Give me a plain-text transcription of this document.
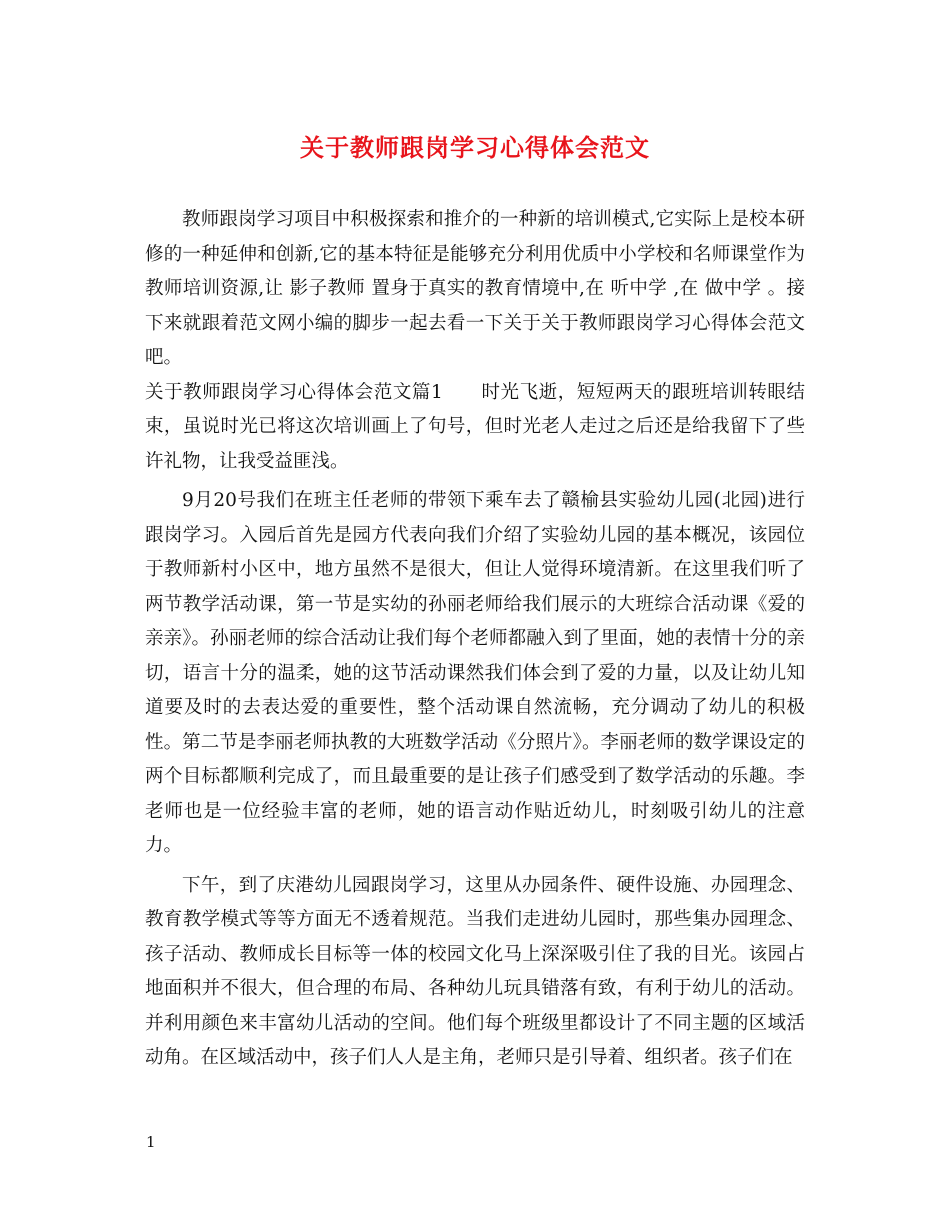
关于教师跟岗学习心得体会范文

教师跟岗学习项目中积极探索和推介的一种新的培训模式,它实际上是校本研修的一种延伸和创新,它的基本特征是能够充分利用优质中小学校和名师课堂作为教师培训资源,让 影子教师 置身于真实的教育情境中,在 听中学 ,在 做中学 。接下来就跟着范文网小编的脚步一起去看一下关于关于教师跟岗学习心得体会范文吧。

关于教师跟岗学习心得体会范文篇1　　时光飞逝，短短两天的跟班培训转眼结束，虽说时光已将这次培训画上了句号，但时光老人走过之后还是给我留下了些许礼物，让我受益匪浅。

9月20号我们在班主任老师的带领下乘车去了赣榆县实验幼儿园(北园)进行跟岗学习。入园后首先是园方代表向我们介绍了实验幼儿园的基本概况，该园位于教师新村小区中，地方虽然不是很大，但让人觉得环境清新。在这里我们听了两节教学活动课，第一节是实幼的孙丽老师给我们展示的大班综合活动课《爱的亲亲》。孙丽老师的综合活动让我们每个老师都融入到了里面，她的表情十分的亲切，语言十分的温柔，她的这节活动课然我们体会到了爱的力量，以及让幼儿知道要及时的去表达爱的重要性，整个活动课自然流畅，充分调动了幼儿的积极性。第二节是李丽老师执教的大班数学活动《分照片》。李丽老师的数学课设定的两个目标都顺利完成了，而且最重要的是让孩子们感受到了数学活动的乐趣。李老师也是一位经验丰富的老师，她的语言动作贴近幼儿，时刻吸引幼儿的注意力。

下午，到了庆港幼儿园跟岗学习，这里从办园条件、硬件设施、办园理念、教育教学模式等等方面无不透着规范。当我们走进幼儿园时，那些集办园理念、孩子活动、教师成长目标等一体的校园文化马上深深吸引住了我的目光。该园占地面积并不很大，但合理的布局、各种幼儿玩具错落有致，有利于幼儿的活动。并利用颜色来丰富幼儿活动的空间。他们每个班级里都设计了不同主题的区域活动角。在区域活动中，孩子们人人是主角，老师只是引导着、组织者。孩子们在

1
